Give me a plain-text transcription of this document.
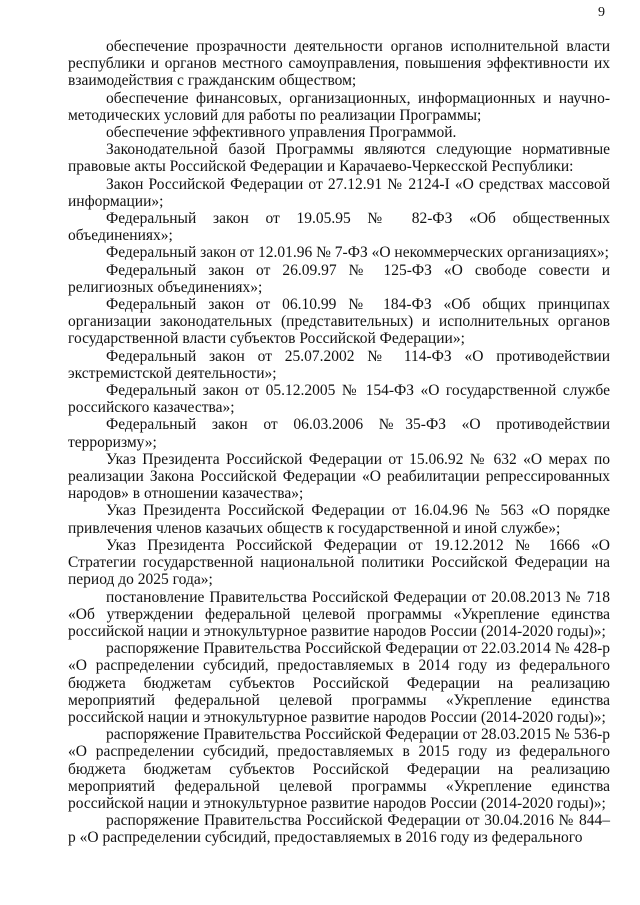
9

обеспечение прозрачности деятельности органов исполнительной власти республики и органов местного самоуправления, повышения эффективности их взаимодействия с гражданским обществом;

обеспечение финансовых, организационных, информационных и научно-методических условий для работы по реализации Программы;

обеспечение эффективного управления Программой.

Законодательной базой Программы являются следующие нормативные правовые акты Российской Федерации и Карачаево-Черкесской Республики:

Закон Российской Федерации от 27.12.91 № 2124-I «О средствах массовой информации»;

Федеральный закон от 19.05.95 № 82-ФЗ «Об общественных объединениях»;

Федеральный закон от 12.01.96 № 7-ФЗ «О некоммерческих организациях»;

Федеральный закон от 26.09.97 № 125-ФЗ «О свободе совести и религиозных объединениях»;

Федеральный закон от 06.10.99 № 184-ФЗ «Об общих принципах организации законодательных (представительных) и исполнительных органов государственной власти субъектов Российской Федерации»;

Федеральный закон от 25.07.2002 № 114-ФЗ «О противодействии экстремистской деятельности»;

Федеральный закон от 05.12.2005 № 154-ФЗ «О государственной службе российского казачества»;

Федеральный закон от 06.03.2006 №35-ФЗ «О противодействии терроризму»;

Указ Президента Российской Федерации от 15.06.92 № 632 «О мерах по реализации Закона Российской Федерации «О реабилитации репрессированных народов» в отношении казачества»;

Указ Президента Российской Федерации от 16.04.96 № 563 «О порядке привлечения членов казачьих обществ к государственной и иной службе»;

Указ Президента Российской Федерации от 19.12.2012 № 1666 «О Стратегии государственной национальной политики Российской Федерации на период до 2025 года»;

постановление Правительства Российской Федерации от 20.08.2013 № 718 «Об утверждении федеральной целевой программы «Укрепление единства российской нации и этнокультурное развитие народов России (2014-2020 годы)»;

распоряжение Правительства Российской Федерации от 22.03.2014 № 428-р «О распределении субсидий, предоставляемых в 2014 году из федерального бюджета бюджетам субъектов Российской Федерации на реализацию мероприятий федеральной целевой программы «Укрепление единства российской нации и этнокультурное развитие народов России (2014-2020 годы)»;

распоряжение Правительства Российской Федерации от 28.03.2015 № 536-р «О распределении субсидий, предоставляемых в 2015 году из федерального бюджета бюджетам субъектов Российской Федерации на реализацию мероприятий федеральной целевой программы «Укрепление единства российской нации и этнокультурное развитие народов России (2014-2020 годы)»;

распоряжение Правительства Российской Федерации от 30.04.2016 № 844–р «О распределении субсидий, предоставляемых в 2016 году из федерального
